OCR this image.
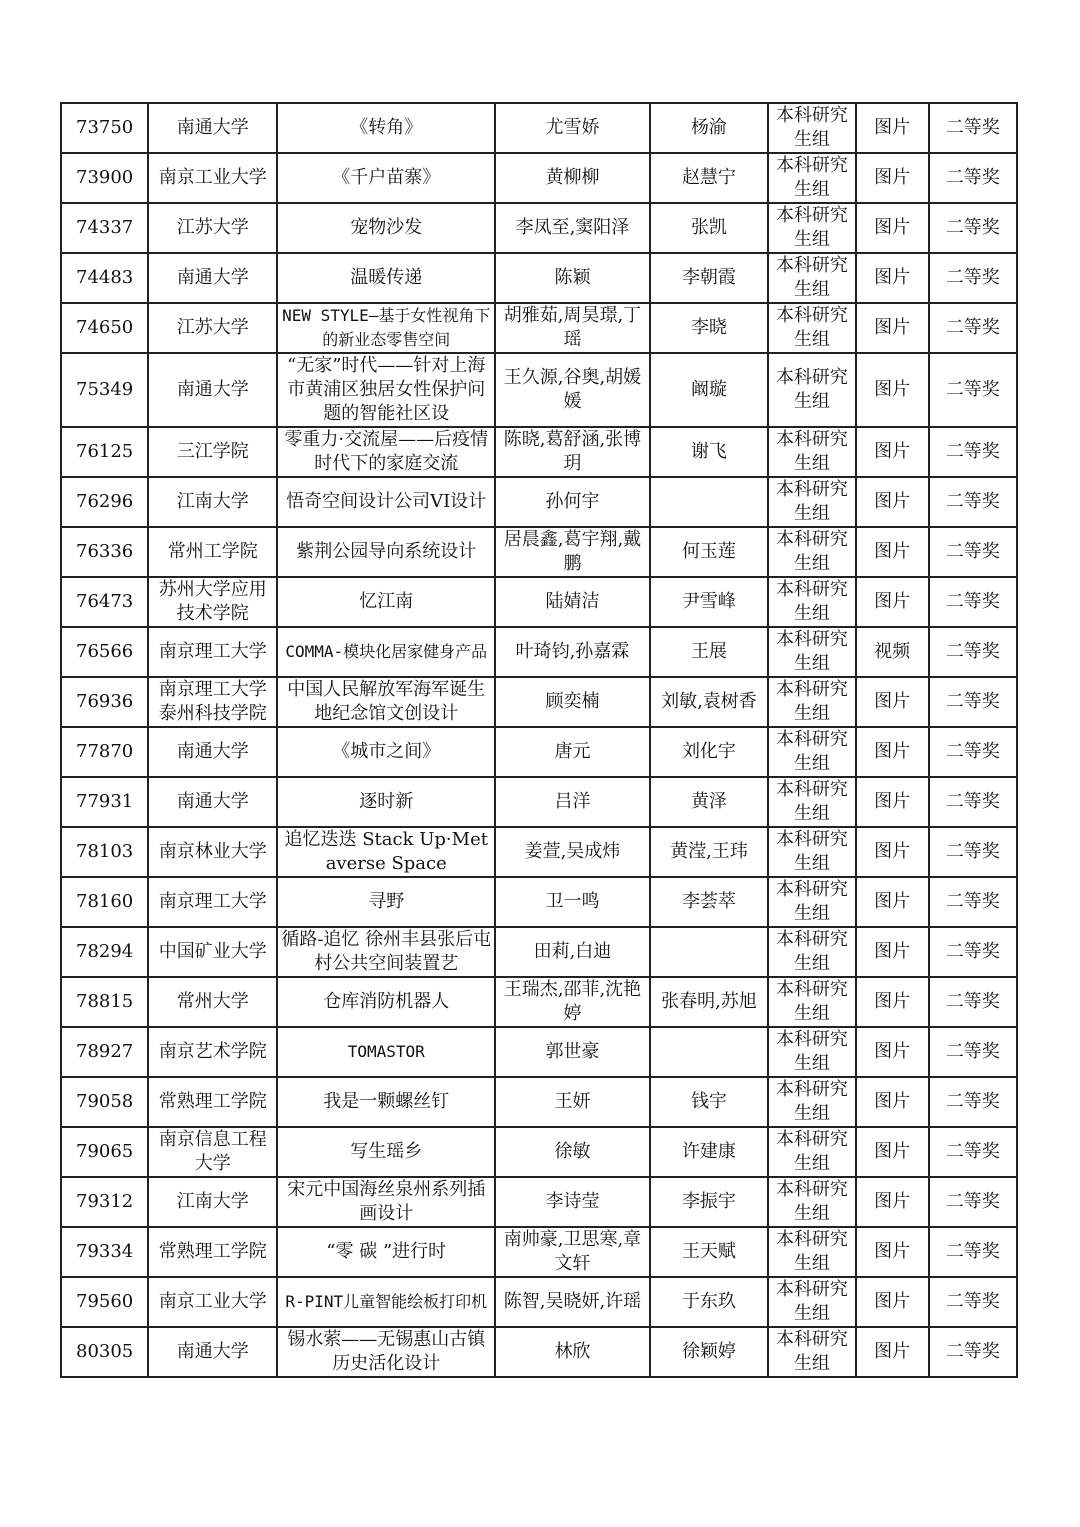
73750	南通大学	《转角》	尤雪娇	杨渝	本科研究生组	图片	二等奖
73900	南京工业大学	《千户苗寨》	黄柳柳	赵慧宁	本科研究生组	图片	二等奖
74337	江苏大学	宠物沙发	李凤至,窦阳泽	张凯	本科研究生组	图片	二等奖
74483	南通大学	温暖传递	陈颖	李朝霞	本科研究生组	图片	二等奖
74650	江苏大学	NEW STYLE—基于女性视角下的新业态零售空间	胡雅茹,周昊璟,丁瑶	李晓	本科研究生组	图片	二等奖
75349	南通大学	“无家”时代——针对上海市黄浦区独居女性保护问题的智能社区设	王久源,谷奥,胡媛媛	阚璇	本科研究生组	图片	二等奖
76125	三江学院	零重力·交流屋——后疫情时代下的家庭交流	陈晓,葛舒涵,张博玥	谢飞	本科研究生组	图片	二等奖
76296	江南大学	悟奇空间设计公司VI设计	孙何宇		本科研究生组	图片	二等奖
76336	常州工学院	紫荆公园导向系统设计	居晨鑫,葛宇翔,戴鹏	何玉莲	本科研究生组	图片	二等奖
76473	苏州大学应用技术学院	忆江南	陆婧洁	尹雪峰	本科研究生组	图片	二等奖
76566	南京理工大学	COMMA-模块化居家健身产品	叶琦钧,孙嘉霖	王展	本科研究生组	视频	二等奖
76936	南京理工大学泰州科技学院	中国人民解放军海军诞生地纪念馆文创设计	顾奕楠	刘敏,袁树香	本科研究生组	图片	二等奖
77870	南通大学	《城市之间》	唐元	刘化宇	本科研究生组	图片	二等奖
77931	南通大学	逐时新	吕洋	黄泽	本科研究生组	图片	二等奖
78103	南京林业大学	追忆迭迭 Stack Up·Metaverse Space	姜萱,吴成炜	黄滢,王玮	本科研究生组	图片	二等奖
78160	南京理工大学	寻野	卫一鸣	李荟萃	本科研究生组	图片	二等奖
78294	中国矿业大学	循路-追忆 徐州丰县张后屯村公共空间装置艺	田莉,白迪		本科研究生组	图片	二等奖
78815	常州大学	仓库消防机器人	王瑞杰,邵菲,沈艳婷	张春明,苏旭	本科研究生组	图片	二等奖
78927	南京艺术学院	TOMASTOR	郭世豪		本科研究生组	图片	二等奖
79058	常熟理工学院	我是一颗螺丝钉	王妍	钱宇	本科研究生组	图片	二等奖
79065	南京信息工程大学	写生瑶乡	徐敏	许建康	本科研究生组	图片	二等奖
79312	江南大学	宋元中国海丝泉州系列插画设计	李诗莹	李振宇	本科研究生组	图片	二等奖
79334	常熟理工学院	“零 碳 ”进行时	南帅豪,卫思寒,章文轩	王天赋	本科研究生组	图片	二等奖
79560	南京工业大学	R-PINT儿童智能绘板打印机	陈智,吴晓妍,许瑶	于东玖	本科研究生组	图片	二等奖
80305	南通大学	锡水萦——无锡惠山古镇历史活化设计	林欣	徐颖婷	本科研究生组	图片	二等奖
